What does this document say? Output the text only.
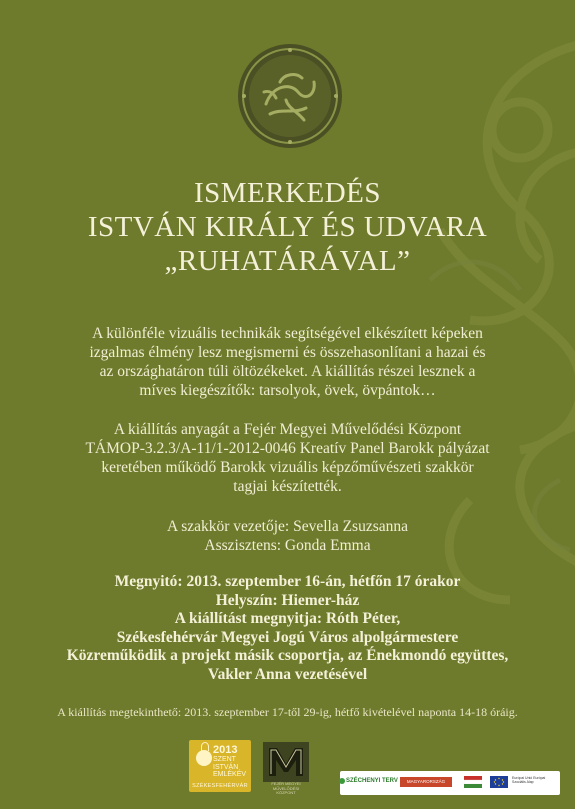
ISMERKEDÉS
ISTVÁN KIRÁLY ÉS UDVARA
„RUHATÁRÁVAL”
A különféle vizuális technikák segítségével elkészített képeken
izgalmas élmény lesz megismerni és összehasonlítani a hazai és
az országhatáron túli öltözékeket. A kiállítás részei lesznek a
míves kiegészítők: tarsolyok, övek, övpántok…
A kiállítás anyagát a Fejér Megyei Művelődési Központ
TÁMOP-3.2.3/A-11/1-2012-0046 Kreatív Panel Barokk pályázat
keretében működő Barokk vizuális képzőművészeti szakkör
tagjai készítették.
A szakkör vezetője: Sevella Zsuzsanna
Asszisztens: Gonda Emma
Megnyitó: 2013. szeptember 16-án, hétfőn 17 órakor
Helyszín: Hiemer-ház
A kiállítást megnyitja: Róth Péter,
Székesfehérvár Megyei Jogú Város alpolgármestere
Közreműködik a projekt másik csoportja, az Énekmondó együttes,
Vakler Anna vezetésével
A kiállítás megtekinthető: 2013. szeptember 17-től 29-ig, hétfő kivételével naponta 14-18 óráig.
2013
SZENT
ISTVÁN
EMLÉKÉV
SZÉKESFEHÉRVÁR	FEJÉR MEGYEI MŰVELŐDÉSI KÖZPONT
SZÉCHENYI TERV	MAGYARORSZÁG MEGÚJUL
Európai Unió Európai Szociális Alap
